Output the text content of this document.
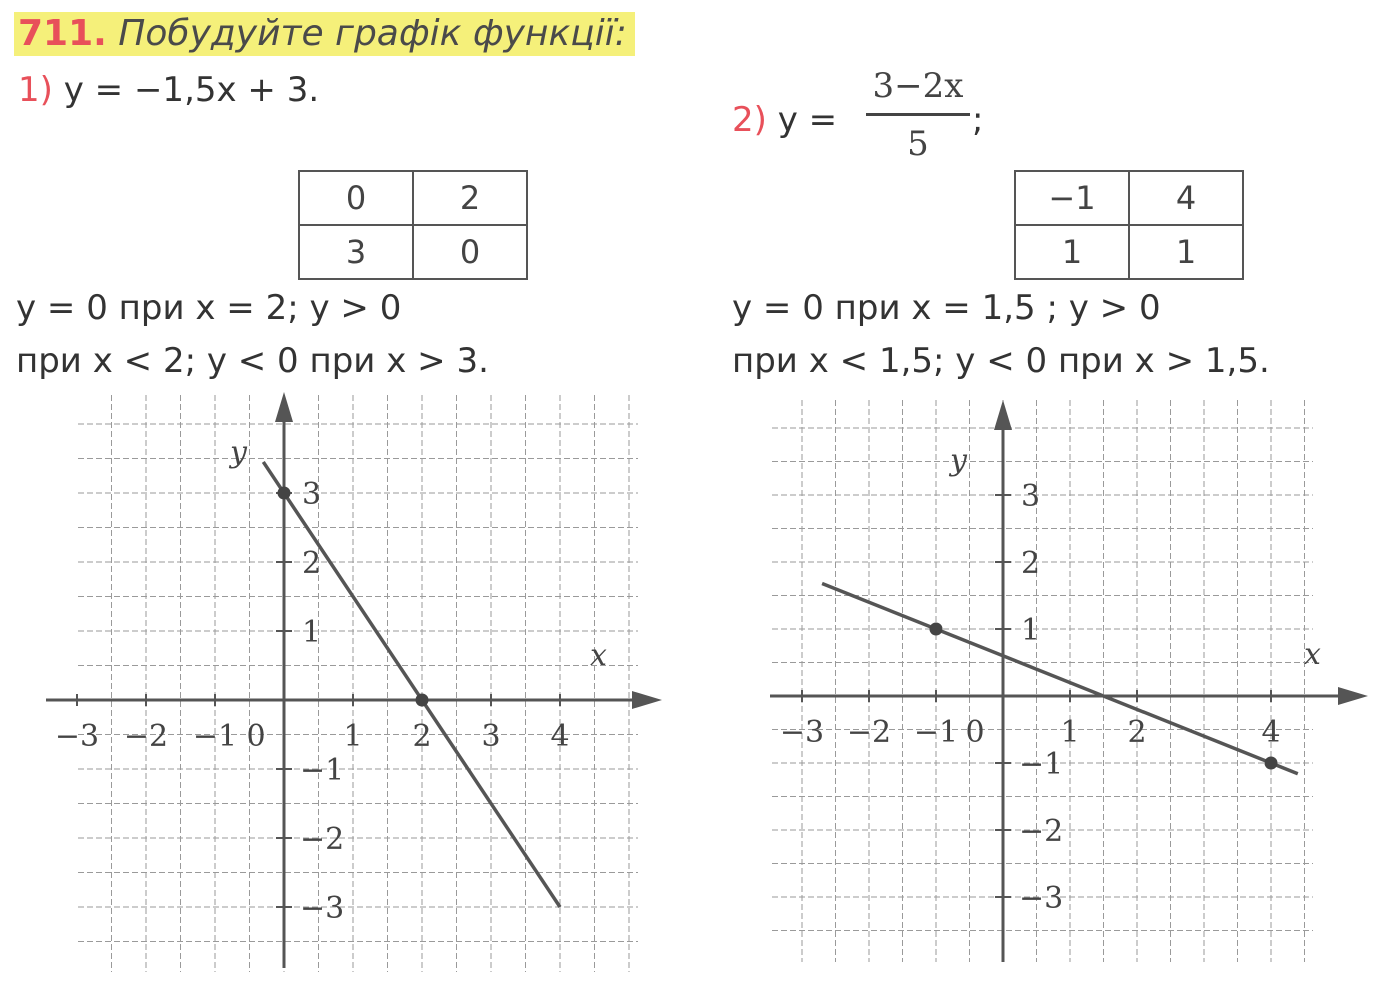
711. Побудуйте графік функції:
1) y = −1,5x + 3.
0	2
3	0
y = 0 при x = 2; y > 0
при x < 2; y < 0 при x > 3.
2) y =
3−2x
5
;
−1	4
1	1
y = 0 при x = 1,5 ; y > 0
при x < 1,5; y < 0 при x > 1,5.
x
y
−3 −2 −1 0	1 2 3 4
3
2
1
−1
−2
−3
x
y
−3 −2 −1 0	1 2	4
3
2
1
−1
−2
−3
